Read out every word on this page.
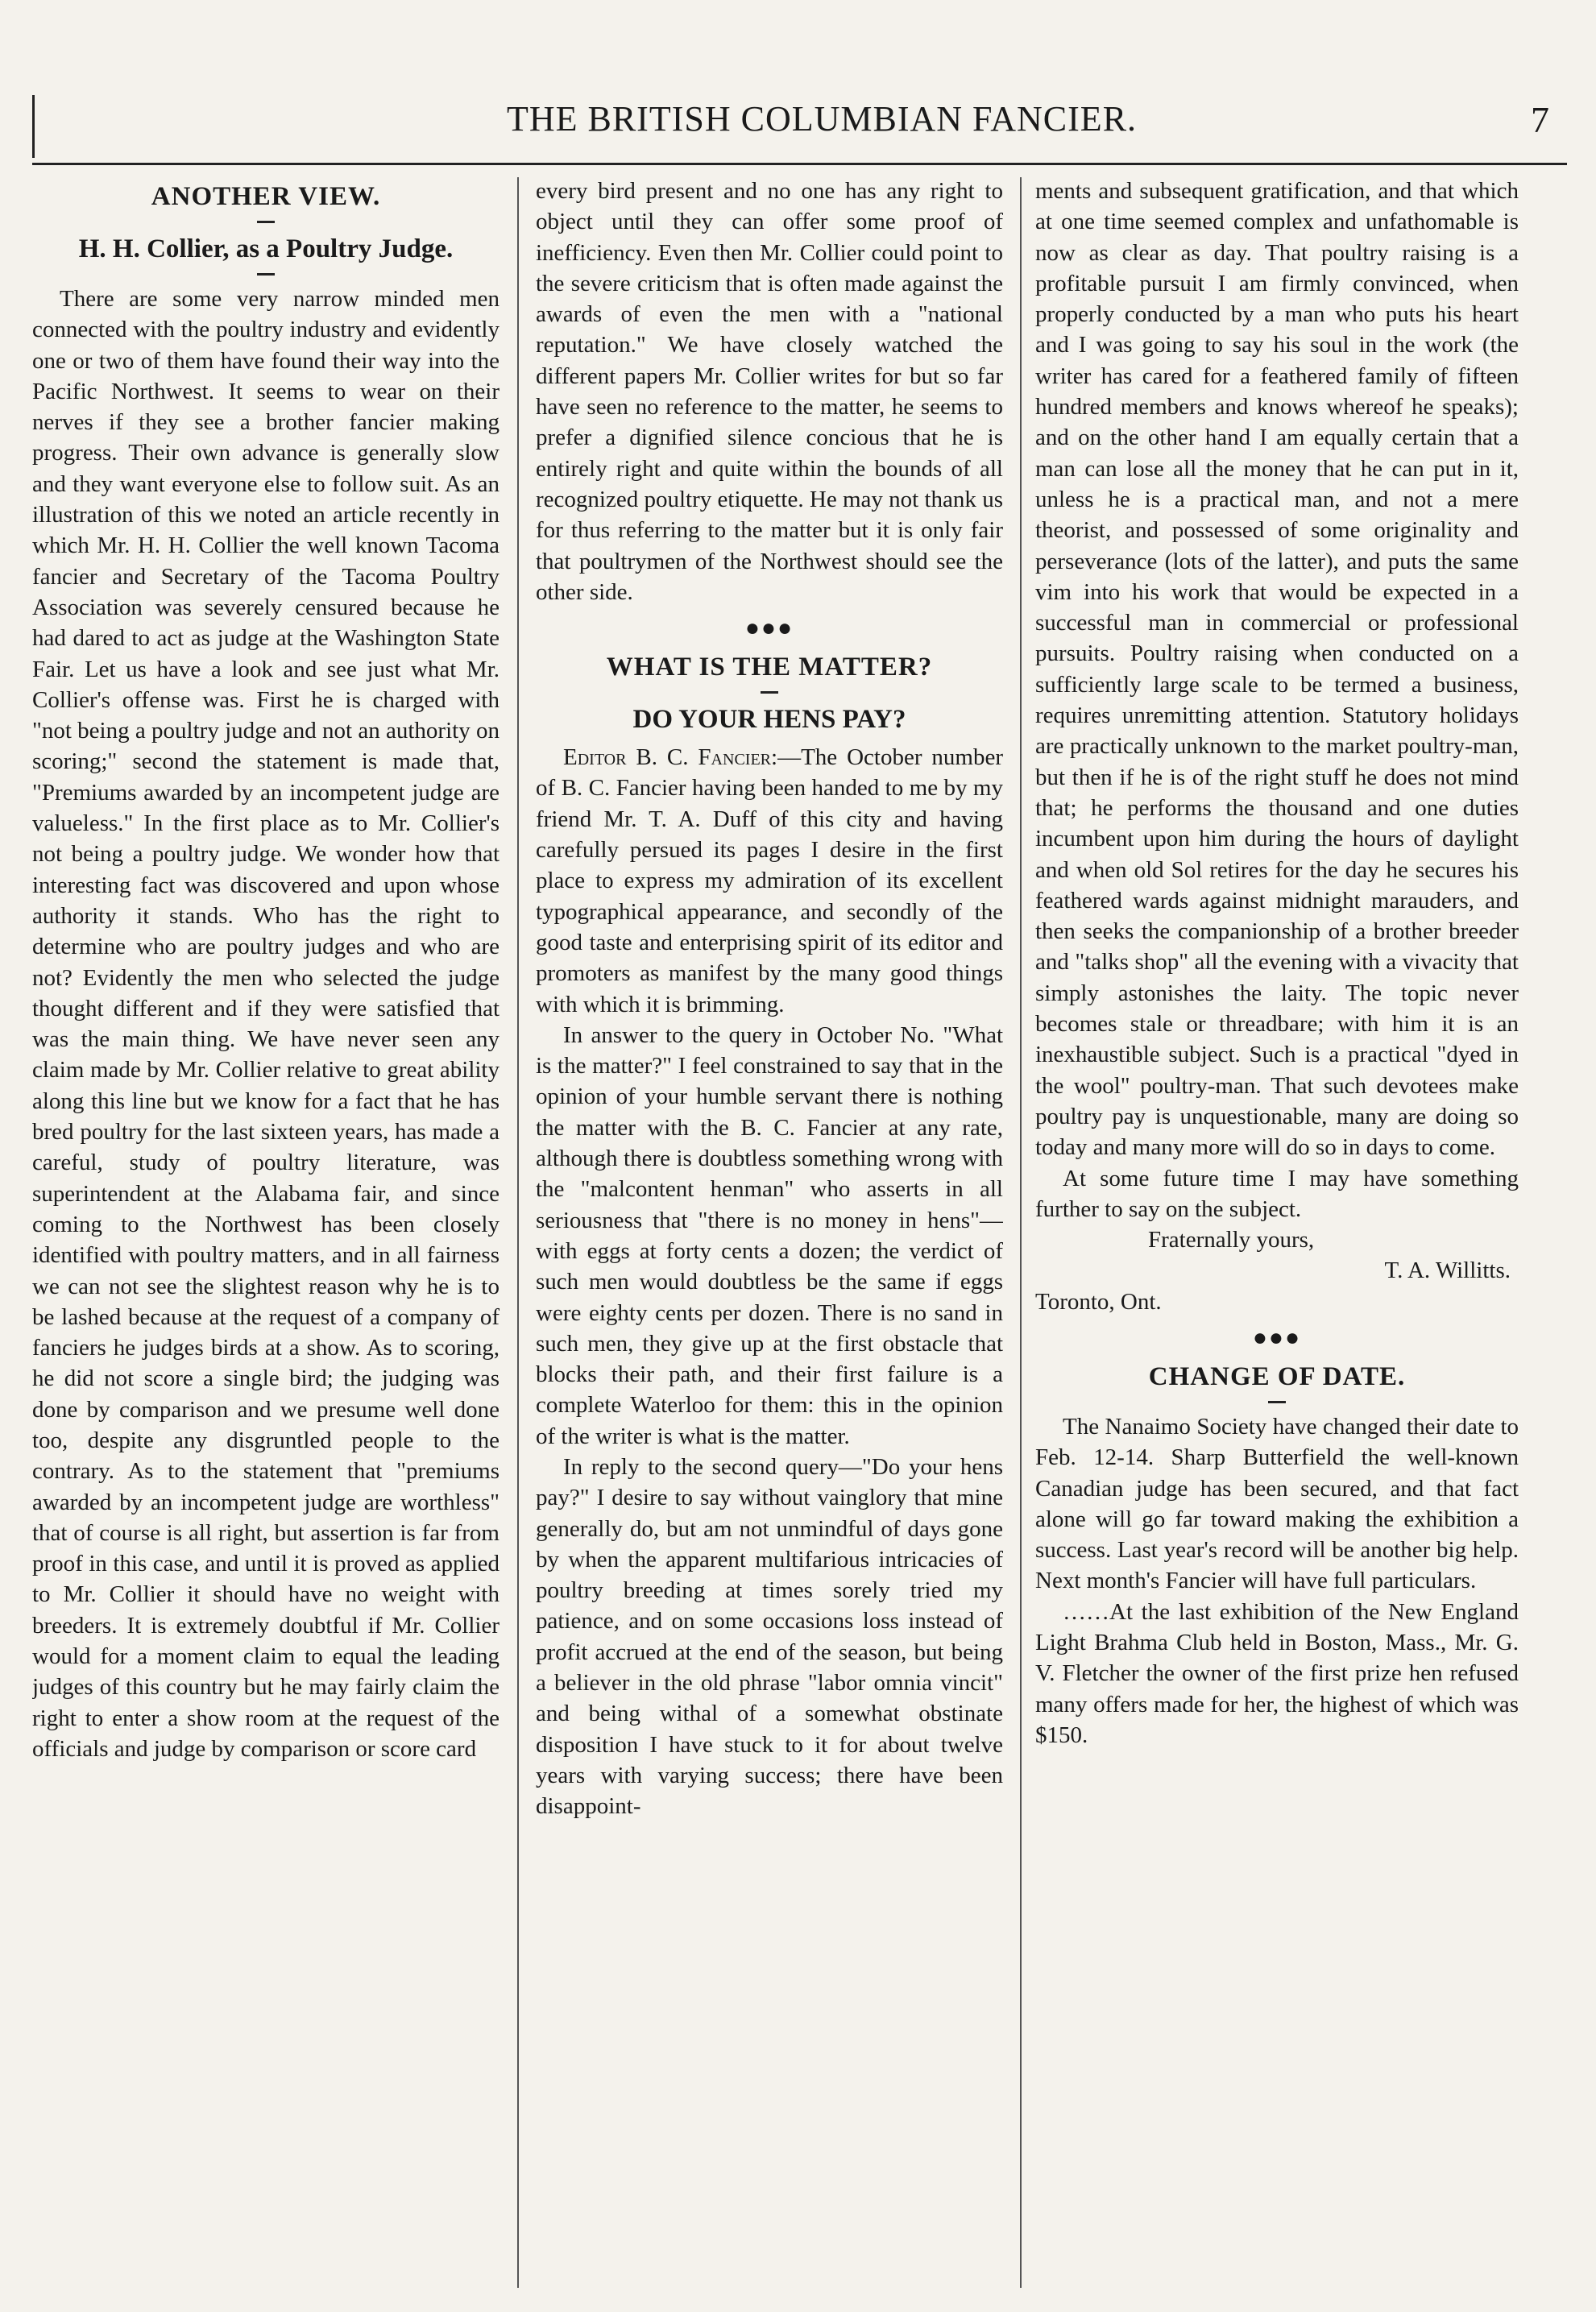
THE BRITISH COLUMBIAN FANCIER.	7
ANOTHER VIEW.
H. H. Collier, as a Poultry Judge.

There are some very narrow minded men connected with the poultry industry and evidently one or two of them have found their way into the Pacific Northwest. It seems to wear on their nerves if they see a brother fancier making progress. Their own advance is generally slow and they want everyone else to follow suit. As an illustration of this we noted an article recently in which Mr. H. H. Collier the well known Tacoma fancier and Secretary of the Tacoma Poultry Association was severely censured because he had dared to act as judge at the Washington State Fair. Let us have a look and see just what Mr. Collier's offense was. First he is charged with "not being a poultry judge and not an authority on scoring;" second the statement is made that, "Premiums awarded by an incompetent judge are valueless." In the first place as to Mr. Collier's not being a poultry judge. We wonder how that interesting fact was discovered and upon whose authority it stands. Who has the right to determine who are poultry judges and who are not? Evidently the men who selected the judge thought different and if they were satisfied that was the main thing. We have never seen any claim made by Mr. Collier relative to great ability along this line but we know for a fact that he has bred poultry for the last sixteen years, has made a careful, study of poultry literature, was superintendent at the Alabama fair, and since coming to the Northwest has been closely identified with poultry matters, and in all fairness we can not see the slightest reason why he is to be lashed because at the request of a company of fanciers he judges birds at a show. As to scoring, he did not score a single bird; the judging was done by comparison and we presume well done too, despite any disgruntled people to the contrary. As to the statement that "premiums awarded by an incompetent judge are worthless" that of course is all right, but assertion is far from proof in this case, and until it is proved as applied to Mr. Collier it should have no weight with breeders. It is extremely doubtful if Mr. Collier would for a moment claim to equal the leading judges of this country but he may fairly claim the right to enter a show room at the request of the officials and judge by comparison or score card

every bird present and no one has any right to object until they can offer some proof of inefficiency. Even then Mr. Collier could point to the severe criticism that is often made against the awards of even the men with a "national reputation." We have closely watched the different papers Mr. Collier writes for but so far have seen no reference to the matter, he seems to prefer a dignified silence concious that he is entirely right and quite within the bounds of all recognized poultry etiquette. He may not thank us for thus referring to the matter but it is only fair that poultrymen of the Northwest should see the other side.

●●●
WHAT IS THE MATTER?
DO YOUR HENS PAY?

Editor B. C. Fancier:—The October number of B. C. Fancier having been handed to me by my friend Mr. T. A. Duff of this city and having carefully persued its pages I desire in the first place to express my admiration of its excellent typographical appearance, and secondly of the good taste and enterprising spirit of its editor and promoters as manifest by the many good things with which it is brimming.

In answer to the query in October No. "What is the matter?" I feel constrained to say that in the opinion of your humble servant there is nothing the matter with the B. C. Fancier at any rate, although there is doubtless something wrong with the "malcontent henman" who asserts in all seriousness that "there is no money in hens"—with eggs at forty cents a dozen; the verdict of such men would doubtless be the same if eggs were eighty cents per dozen. There is no sand in such men, they give up at the first obstacle that blocks their path, and their first failure is a complete Waterloo for them: this in the opinion of the writer is what is the matter.

In reply to the second query—"Do your hens pay?" I desire to say without vainglory that mine generally do, but am not unmindful of days gone by when the apparent multifarious intricacies of poultry breeding at times sorely tried my patience, and on some occasions loss instead of profit accrued at the end of the season, but being a believer in the old phrase "labor omnia vincit" and being withal of a somewhat obstinate disposition I have stuck to it for about twelve years with varying success; there have been disappoint-

ments and subsequent gratification, and that which at one time seemed complex and unfathomable is now as clear as day. That poultry raising is a profitable pursuit I am firmly convinced, when properly conducted by a man who puts his heart and I was going to say his soul in the work (the writer has cared for a feathered family of fifteen hundred members and knows whereof he speaks); and on the other hand I am equally certain that a man can lose all the money that he can put in it, unless he is a practical man, and not a mere theorist, and possessed of some originality and perseverance (lots of the latter), and puts the same vim into his work that would be expected in a successful man in commercial or professional pursuits. Poultry raising when conducted on a sufficiently large scale to be termed a business, requires unremitting attention. Statutory holidays are practically unknown to the market poultry-man, but then if he is of the right stuff he does not mind that; he performs the thousand and one duties incumbent upon him during the hours of daylight and when old Sol retires for the day he secures his feathered wards against midnight marauders, and then seeks the companionship of a brother breeder and "talks shop" all the evening with a vivacity that simply astonishes the laity. The topic never becomes stale or threadbare; with him it is an inexhaustible subject. Such is a practical "dyed in the wool" poultry-man. That such devotees make poultry pay is unquestionable, many are doing so today and many more will do so in days to come.

At some future time I may have something further to say on the subject.

Fraternally yours,

T. A. Willitts.

Toronto, Ont.

●●●
CHANGE OF DATE.

The Nanaimo Society have changed their date to Feb. 12-14. Sharp Butterfield the well-known Canadian judge has been secured, and that fact alone will go far toward making the exhibition a success. Last year's record will be another big help. Next month's Fancier will have full particulars.

……At the last exhibition of the New England Light Brahma Club held in Boston, Mass., Mr. G. V. Fletcher the owner of the first prize hen refused many offers made for her, the highest of which was $150.
